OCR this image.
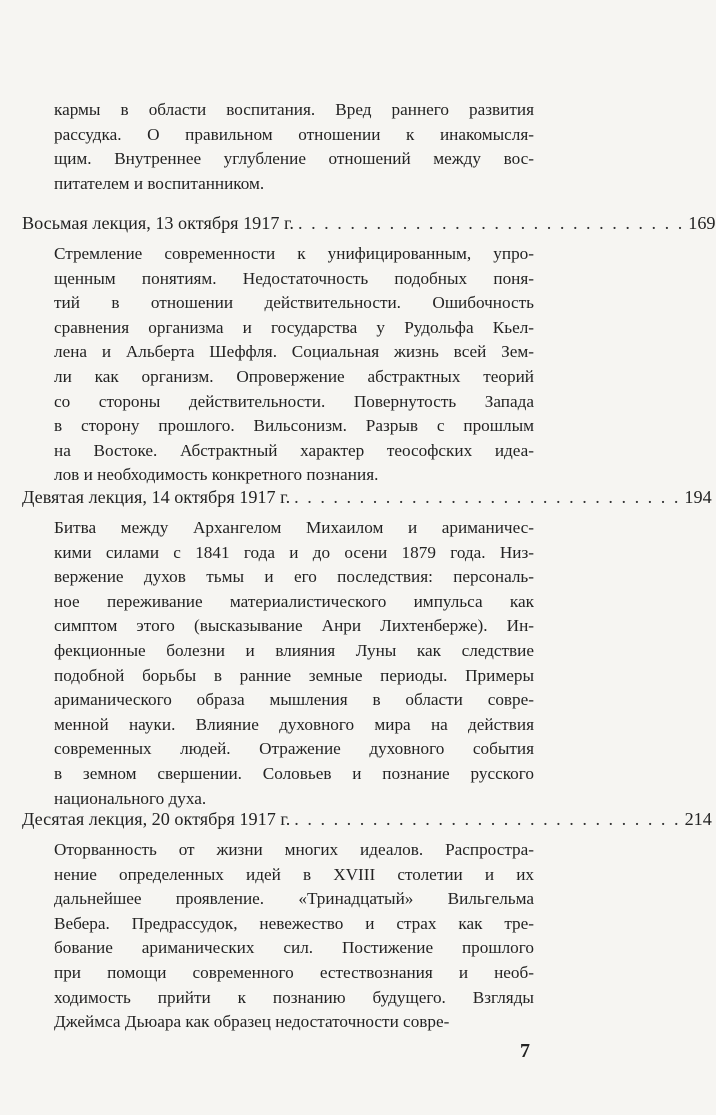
кармы в области воспитания. Вред раннего развития
рассудка. О правильном отношении к инакомысля-
щим. Внутреннее углубление отношений между вос-
питателем и воспитанником.
Восьмая лекция, 13 октября 1917 г. . . . . . . . . . . . . . . . . . . . . . . . . . . . . . . 169
Стремление современности к унифицированным, упро-
щенным понятиям. Недостаточность подобных поня-
тий в отношении действительности. Ошибочность
сравнения организма и государства у Рудольфа Кьел-
лена и Альберта Шеффля. Социальная жизнь всей Зем-
ли как организм. Опровержение абстрактных теорий
со стороны действительности. Повернутость Запада
в сторону прошлого. Вильсонизм. Разрыв с прошлым
на Востоке. Абстрактный характер теософских идеа-
лов и необходимость конкретного познания.
Девятая лекция, 14 октября 1917 г. . . . . . . . . . . . . . . . . . . . . . . . . . . . . . . 194
Битва между Архангелом Михаилом и ариманичес-
кими силами с 1841 года и до осени 1879 года. Низ-
вержение духов тьмы и его последствия: персональ-
ное переживание материалистического импульса как
симптом этого (высказывание Анри Лихтенберже). Ин-
фекционные болезни и влияния Луны как следствие
подобной борьбы в ранние земные периоды. Примеры
ариманического образа мышления в области совре-
менной науки. Влияние духовного мира на действия
современных людей. Отражение духовного события
в земном свершении. Соловьев и познание русского
национального духа.
Десятая лекция, 20 октября 1917 г. . . . . . . . . . . . . . . . . . . . . . . . . . . . . . . 214
Оторванность от жизни многих идеалов. Распростра-
нение определенных идей в XVIII столетии и их
дальнейшее проявление. «Тринадцатый» Вильгельма
Вебера. Предрассудок, невежество и страх как тре-
бование ариманических сил. Постижение прошлого
при помощи современного естествознания и необ-
ходимость прийти к познанию будущего. Взгляды
Джеймса Дьюара как образец недостаточности совре-
7
